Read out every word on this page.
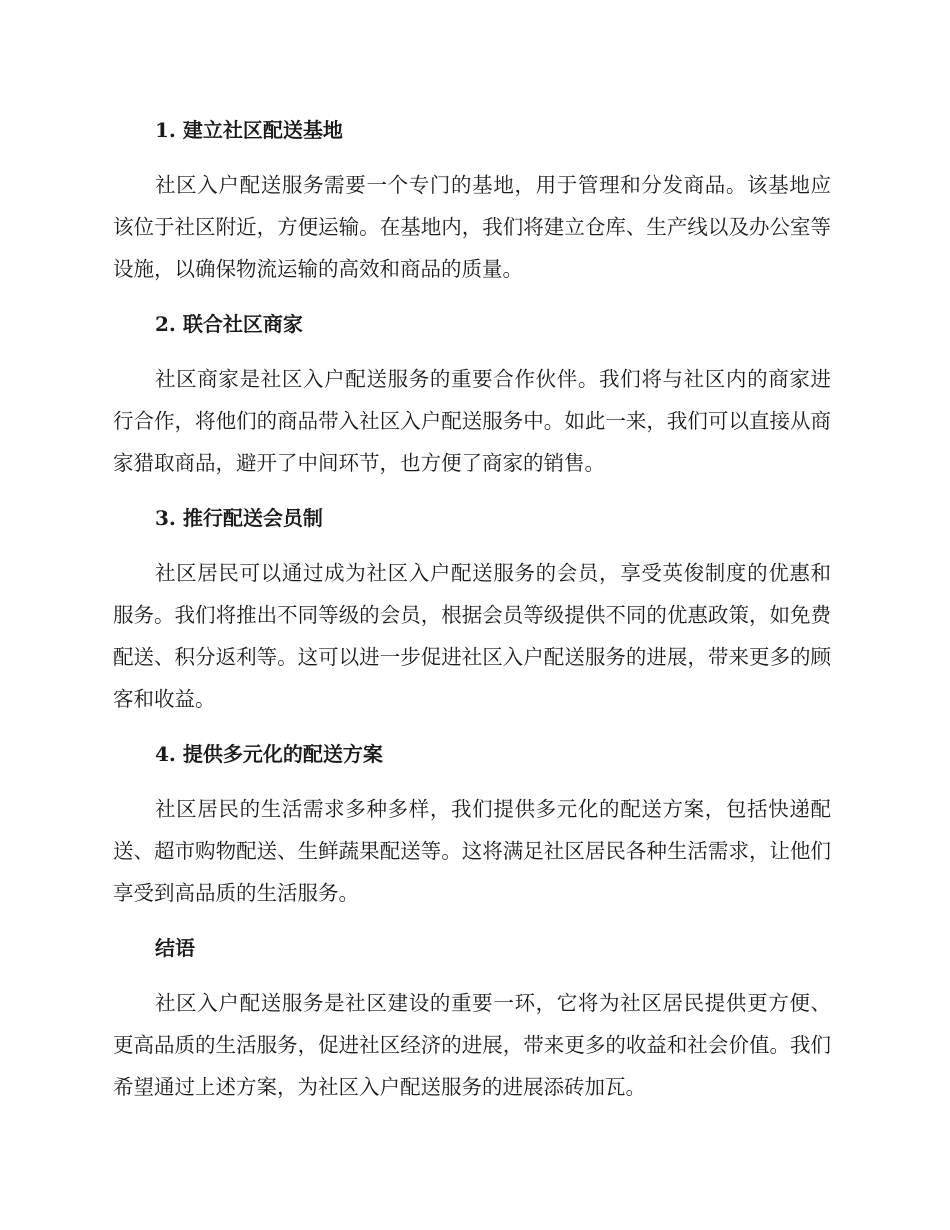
1. 建立社区配送基地

社区入户配送服务需要一个专门的基地，用于管理和分发商品。该基地应该位于社区附近，方便运输。在基地内，我们将建立仓库、生产线以及办公室等设施，以确保物流运输的高效和商品的质量。

2. 联合社区商家

社区商家是社区入户配送服务的重要合作伙伴。我们将与社区内的商家进行合作，将他们的商品带入社区入户配送服务中。如此一来，我们可以直接从商家猎取商品，避开了中间环节，也方便了商家的销售。

3. 推行配送会员制

社区居民可以通过成为社区入户配送服务的会员，享受英俊制度的优惠和服务。我们将推出不同等级的会员，根据会员等级提供不同的优惠政策，如免费配送、积分返利等。这可以进一步促进社区入户配送服务的进展，带来更多的顾客和收益。

4. 提供多元化的配送方案

社区居民的生活需求多种多样，我们提供多元化的配送方案，包括快递配送、超市购物配送、生鲜蔬果配送等。这将满足社区居民各种生活需求，让他们享受到高品质的生活服务。

结语

社区入户配送服务是社区建设的重要一环，它将为社区居民提供更方便、更高品质的生活服务，促进社区经济的进展，带来更多的收益和社会价值。我们希望通过上述方案，为社区入户配送服务的进展添砖加瓦。
